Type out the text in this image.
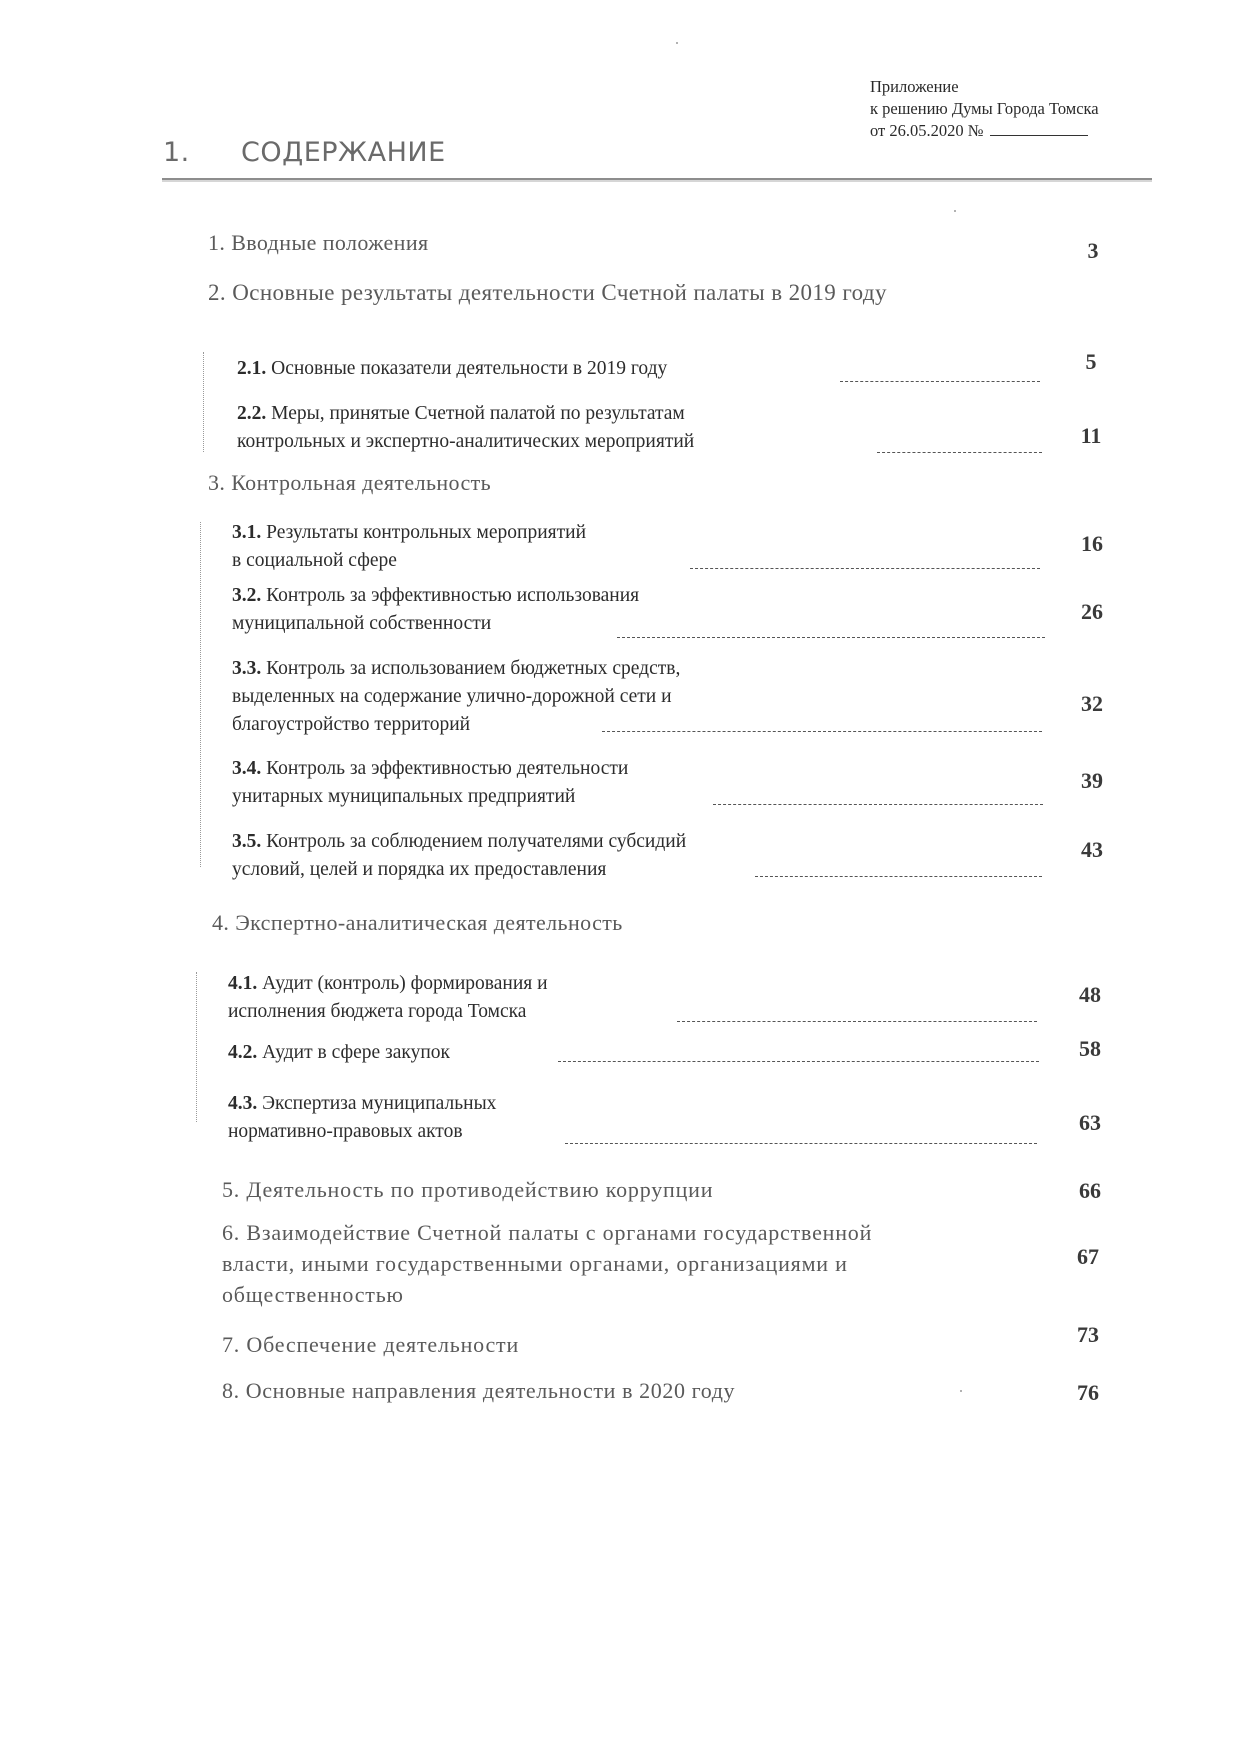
Приложение
к решению Думы Города Томска
от 26.05.2020 №
1. СОДЕРЖАНИЕ
1. Вводные положения	3
2. Основные результаты деятельности Счетной палаты в 2019 году
2.1. Основные показатели деятельности в 2019 году	5
2.2. Меры, принятые Счетной палатой по результатам
контрольных и экспертно-аналитических мероприятий	11
3. Контрольная деятельность
3.1. Результаты контрольных мероприятий
в социальной сфере
16
3.2. Контроль за эффективностью использования
муниципальной собственности	26
3.3. Контроль за использованием бюджетных средств,
выделенных на содержание улично-дорожной сети и
благоустройство территорий
32
3.4. Контроль за эффективностью деятельности
унитарных муниципальных предприятий
39
3.5. Контроль за соблюдением получателями субсидий
условий, целей и порядка их предоставления
43
4. Экспертно-аналитическая деятельность
4.1. Аудит (контроль) формирования и
исполнения бюджета города Томска
48
4.2. Аудит в сфере закупок	58
4.3. Экспертиза муниципальных
нормативно-правовых актов	63
5. Деятельность по противодействию коррупции	66
6. Взаимодействие Счетной палаты с органами государственной
власти, иными государственными органами, организациями и
общественностью
67
7. Обеспечение деятельности	73
8. Основные направления деятельности в 2020 году	76
